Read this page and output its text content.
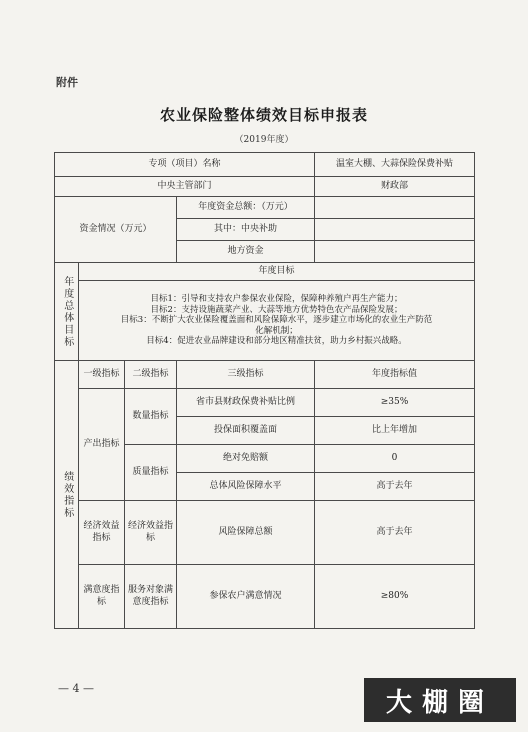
附件
农业保险整体绩效目标申报表
（2019年度）
专项（项目）名称				温室大棚、大蒜保险保费补贴
中央主管部门				财政部
资金情况（万元）			年度资金总额：（万元）	
			其中：中央补助	
			地方资金	
年度总体目标	年度目标			

	目标1：引导和支持农户参保农业保险，保障种养殖户再生产能力；
目标2：支持设施蔬菜产业、大蒜等地方优势特色农产品保险发展；
目标3：不断扩大农业保险覆盖面和风险保障水平，逐步建立市场化的农业生产防范
化解机制；
目标4：促进农业品牌建设和部分地区精准扶贫，助力乡村振兴战略。			

绩效指标	一级指标	二级指标	三级指标	年度指标值
	产出指标	数量指标	省市县财政保费补贴比例	≥35%
			投保面积覆盖面	比上年增加
		质量指标	绝对免赔额	0
			总体风险保障水平	高于去年
	经济效益指标	经济效益指标	风险保障总额	高于去年
	满意度指标	服务对象满意度指标	参保农户满意情况	≥80%
— 4 —	大棚圈
